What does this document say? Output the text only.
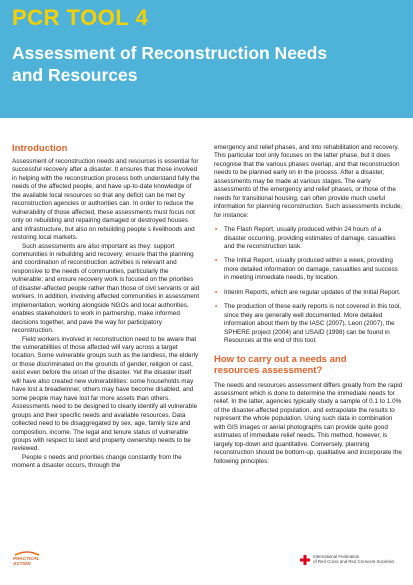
PCR TOOL 4
Assessment of Reconstruction Needs
and Resources
Introduction

Assessment of reconstruction needs and resources is essential for successful recovery after a disaster. It ensures that those involved in helping with the reconstruction process both understand fully the needs of the affected people, and have up-to-date knowledge of the available local resources so that any deficit can be met by reconstruction agencies or authorities can. In order to reduce the vulnerability of those affected, these assessments must focus not only on rebuilding and repairing damaged or destroyed houses and infrastructure, but also on rebuilding people s livelihoods and restoring local markets.

Such assessments are also important as they: support communities in rebuilding and recovery; ensure that the planning and coordination of reconstruction activities is relevant and responsive to the needs of communities, particularly the vulnerable; and ensure recovery work is focused on the priorities of disaster-affected people rather than those of civil servants or aid workers. In addition, involving affected communities in assessment implementation, working alongside NGOs and local authorities, enables stakeholders to work in partnership, make informed decisions together, and pave the way for participatory reconstruction.

Field workers involved in reconstruction need to be aware that the vulnerabilities of those affected will vary across a target location. Some vulnerable groups such as the landless, the elderly or those discriminated on the grounds of gender, religion or cast, exist even before the onset of the disaster. Yet the disaster itself will have also created new vulnerabilities: some households may have lost a breadwinner, others may have become disabled, and some people may have lost far more assets than others. Assessments need to be designed to clearly identify all vulnerable groups and their specific needs and available resources. Data collected need to be disaggregated by sex, age, family size and composition, income. The legal and tenure status of vulnerable groups with respect to land and property ownership needs to be reviewed.

People s needs and priorities change constantly from the moment a disaster occurs, through the

emergency and relief phases, and into rehabilitation and recovery. This particular tool only focuses on the latter phase, but it does recognise that the various phases overlap, and that reconstruction needs to be planned early on in the process. After a disaster, assessments may be made at various stages. The early assessments of the emergency and relief phases, or those of the needs for transitional housing, can often provide much useful information for planning reconstruction. Such assessments include, for instance:

• The Flash Report, usually produced within 24 hours of a disaster occurring, providing estimates of damage, casualties and the reconstruction task.
• The Initial Report, usually produced within a week, providing more detailed information on damage, casualties and success in meeting immediate needs, by location.
• Interim Reports, which are regular updates of the Initial Report.
• The production of these early reports is not covered in this tool, since they are generally well documented. More detailed information about them by the IASC (2007), Leon (2007), the SPHERE project (2004) and USAID (1998) can be found in Resources at the end of this tool.
How to carry out a needs and
resources assessment?

The needs and resources assessment differs greatly from the rapid assessment which is done to determine the immediate needs for relief. In the latter, agencies typically study a sample of 0.1 to 1.0% of the disaster-affected population, and extrapolate the results to represent the whole population. Using such data in combination with GIS images or aerial photographs can provide quite good estimates of immediate relief needs. This method, however, is largely top-down and quantitative. Conversely, planning reconstruction should be bottom-up, qualitative and incorporate the following principles:

PRACTICAL
ACTION
International Federation
of Red Cross and Red Crescent Societies
